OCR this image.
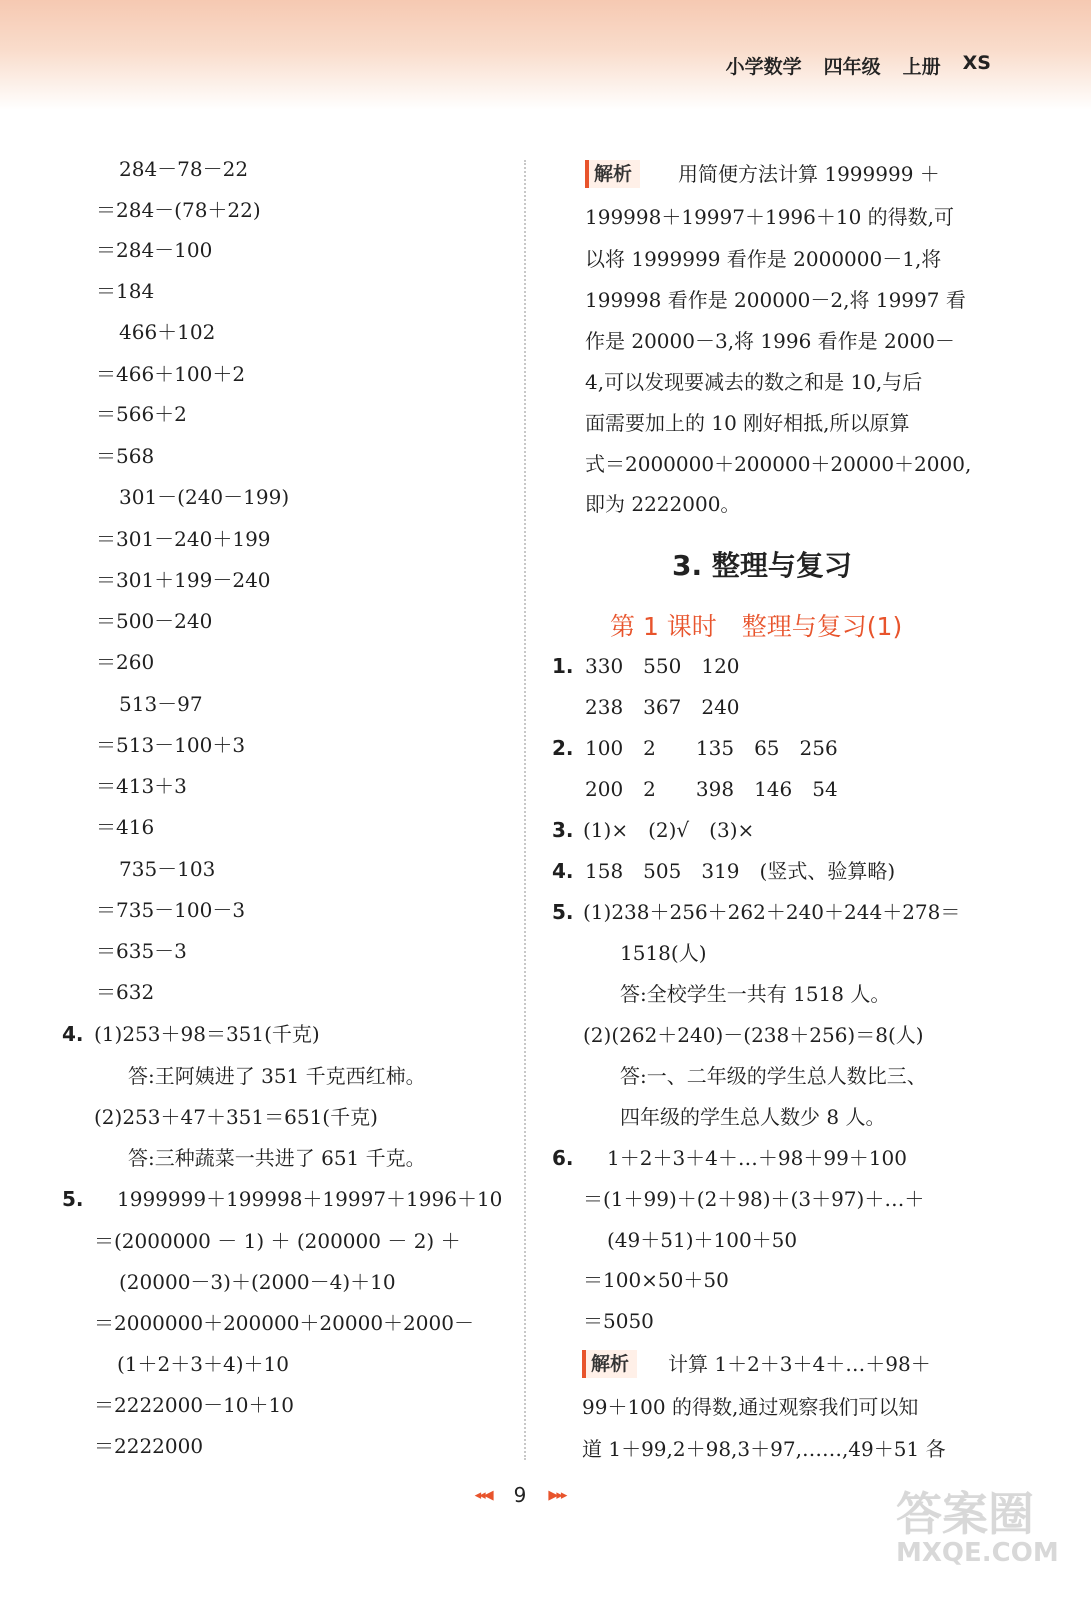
小学数学 四年级 上册 XS
284－78－22
＝284－(78＋22)
＝284－100
＝184
466＋102
＝466＋100＋2
＝566＋2
＝568
301－(240－199)
＝301－240＋199
＝301＋199－240
＝500－240
＝260
513－97
＝513－100＋3
＝413＋3
＝416
735－103
＝735－100－3
＝635－3
＝632
4. (1)253＋98＝351(千克)
答:王阿姨进了 351 千克西红柿。
(2)253＋47＋351＝651(千克)
答:三种蔬菜一共进了 651 千克。
5. 1999999＋199998＋19997＋1996＋10
＝(2000000 － 1) ＋ (200000 － 2) ＋
(20000－3)＋(2000－4)＋10
＝2000000＋200000＋20000＋2000－
(1＋2＋3＋4)＋10
＝2222000－10＋10
＝2222000
解析	用简便方法计算 1999999 ＋
199998＋19997＋1996＋10 的得数,可
以将 1999999 看作是 2000000－1,将
199998 看作是 200000－2,将 19997 看
作是 20000－3,将 1996 看作是 2000－
4,可以发现要减去的数之和是 10,与后
面需要加上的 10 刚好相抵,所以原算
式＝2000000＋200000＋20000＋2000,
即为 2222000。
3. 整理与复习
第 1 课时　整理与复习(1)
1. 330　550　120
238　367　240
2. 100　2　　135　65　256
200　2　　398　146　54
3. (1)×　(2)√　(3)×
4. 158　505　319　(竖式、验算略)
5. (1)238＋256＋262＋240＋244＋278＝
1518(人)
答:全校学生一共有 1518 人。
(2)(262＋240)－(238＋256)＝8(人)
答:一、二年级的学生总人数比三、
四年级的学生总人数少 8 人。
6. 1＋2＋3＋4＋…＋98＋99＋100
＝(1＋99)＋(2＋98)＋(3＋97)＋…＋
(49＋51)＋100＋50
＝100×50＋50
＝5050
解析	计算 1＋2＋3＋4＋…＋98＋
99＋100 的得数,通过观察我们可以知
道 1＋99,2＋98,3＋97,……,49＋51 各
◂◂◀ 9 ▶▸▸	答案圈
MXQE.COM
